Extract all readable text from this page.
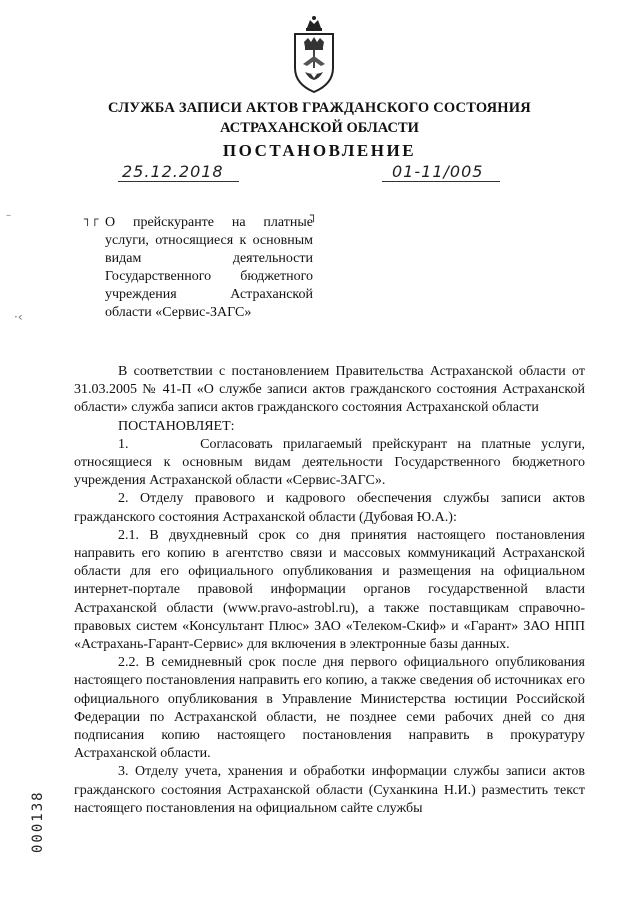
СЛУЖБА ЗАПИСИ АКТОВ ГРАЖДАНСКОГО СОСТОЯНИЯ
АСТРАХАНСКОЙ ОБЛАСТИ
ПОСТАНОВЛЕНИЕ
25.12.2018	01-11/005
–
·‹
┐┌	┐

О прейскуранте на платные услуги, относящиеся к основным видам деятельности Государственного бюджетного учреждения Астраханской области «Сервис-ЗАГС»

В соответствии с постановлением Правительства Астраханской области от 31.03.2005 № 41-П «О службе записи актов гражданского состояния Астраханской области» служба записи актов гражданского состояния Астраханской области

ПОСТАНОВЛЯЕТ:

1.       Согласовать прилагаемый прейскурант на платные услуги, относящиеся к основным видам деятельности Государственного бюджетного учреждения Астраханской области «Сервис-ЗАГС».

2. Отделу правового и кадрового обеспечения службы записи актов гражданского состояния Астраханской области (Дубовая Ю.А.):

2.1. В двухдневный срок со дня принятия настоящего постановления направить его копию в агентство связи и массовых коммуникаций Астраханской области для его официального опубликования и размещения на официальном интернет-портале правовой информации органов государственной власти Астраханской области (www.pravo-astrobl.ru), а также поставщикам справочно-правовых систем «Консультант Плюс» ЗАО «Телеком-Скиф» и «Гарант» ЗАО НПП «Астрахань-Гарант-Сервис» для включения в электронные базы данных.

2.2. В семидневный срок после дня первого официального опубликования настоящего постановления направить его копию, а также сведения об источниках его официального опубликования в Управление Министерства юстиции Российской Федерации по Астраханской области, не позднее семи рабочих дней со дня подписания копию настоящего постановления направить в прокуратуру Астраханской области.

3. Отделу учета, хранения и обработки информации службы записи актов гражданского состояния Астраханской области (Суханкина Н.И.) разместить текст настоящего постановления на официальном сайте службы

000138
